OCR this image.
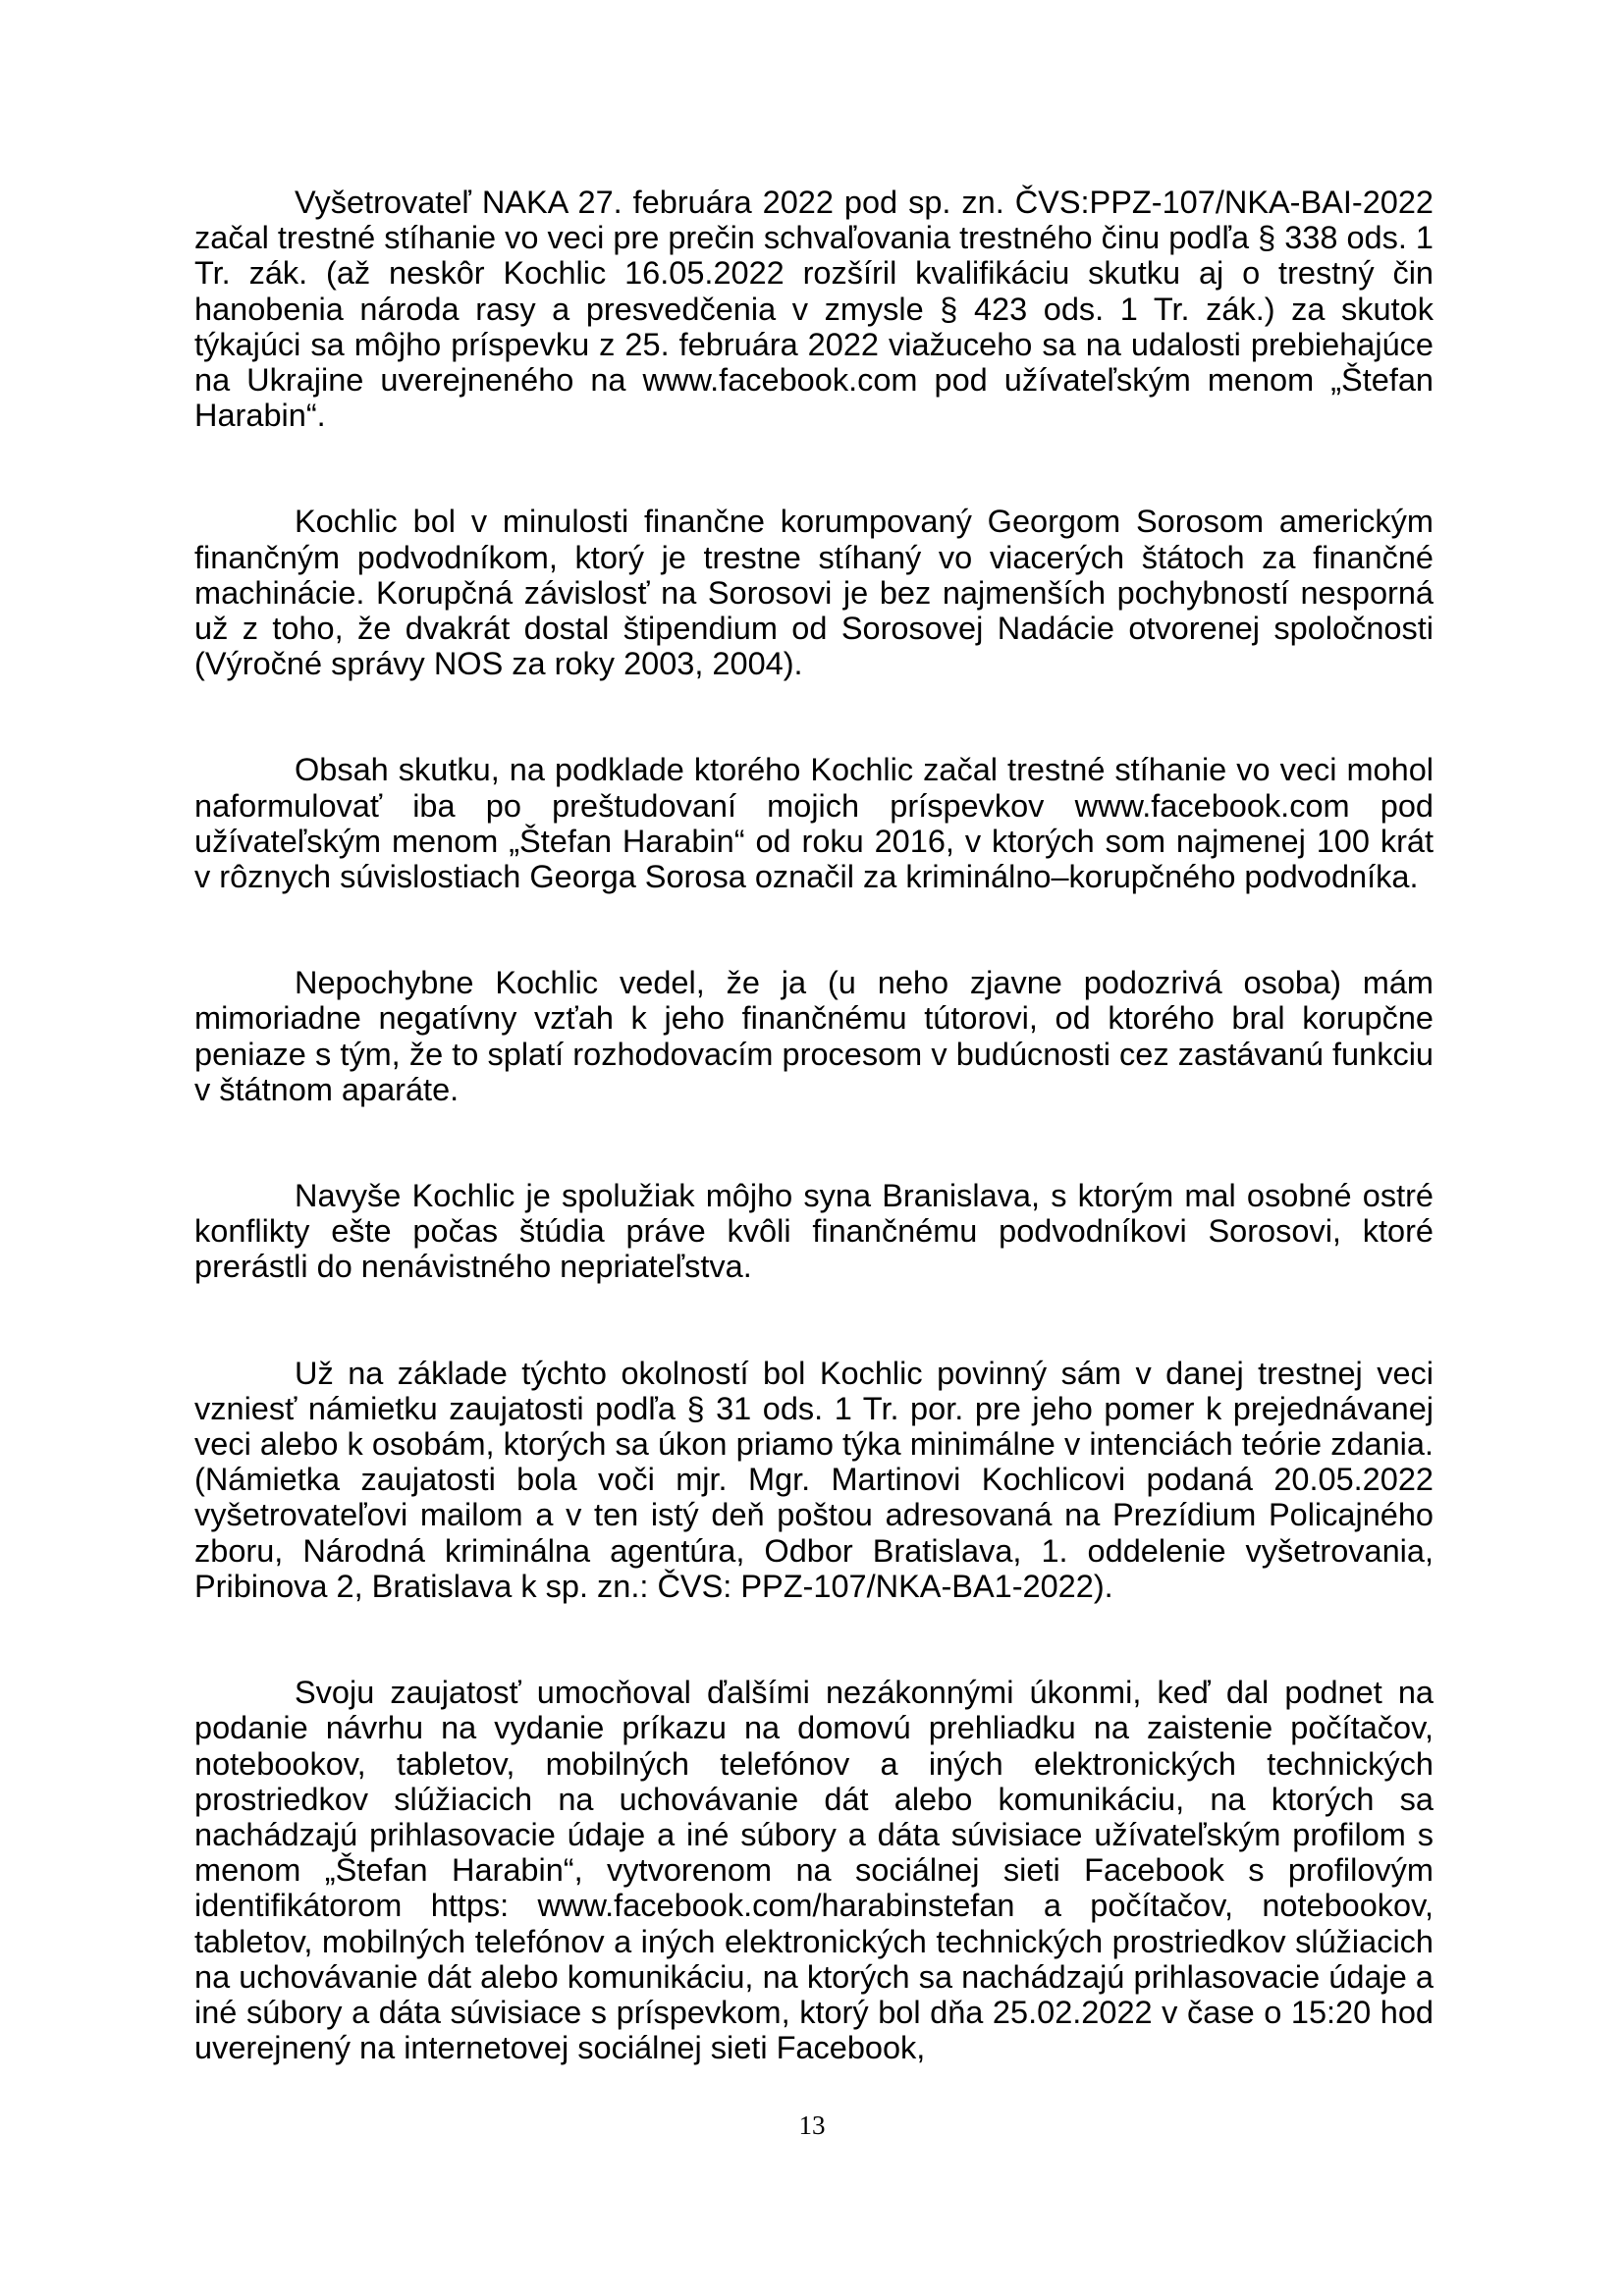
Vyšetrovateľ NAKA 27. februára 2022 pod sp. zn. ČVS:PPZ-107/NKA-BAI-2022 začal trestné stíhanie vo veci pre prečin schvaľovania trestného činu podľa § 338 ods. 1 Tr. zák. (až neskôr Kochlic 16.05.2022 rozšíril kvalifikáciu skutku aj o trestný čin hanobenia národa rasy a presvedčenia v zmysle § 423 ods. 1 Tr. zák.) za skutok týkajúci sa môjho príspevku z 25. februára 2022 viažuceho sa na udalosti prebiehajúce na Ukrajine uverejneného na www.facebook.com pod užívateľským menom „Štefan Harabin“.

Kochlic bol v minulosti finančne korumpovaný Georgom Sorosom americkým finančným podvodníkom, ktorý je trestne stíhaný vo viacerých štátoch za finančné machinácie. Korupčná závislosť na Sorosovi je bez najmenších pochybností nesporná už z toho, že dvakrát dostal štipendium od Sorosovej Nadácie otvorenej spoločnosti (Výročné správy NOS za roky 2003, 2004).

Obsah skutku, na podklade ktorého Kochlic začal trestné stíhanie vo veci mohol naformulovať iba po preštudovaní mojich príspevkov www.facebook.com pod užívateľským menom „Štefan Harabin“ od roku 2016, v ktorých som najmenej 100 krát v rôznych súvislostiach Georga Sorosa označil za kriminálno–korupčného podvodníka.

Nepochybne Kochlic vedel, že ja (u neho zjavne podozrivá osoba) mám mimoriadne negatívny vzťah k jeho finančnému tútorovi, od ktorého bral korupčne peniaze s tým, že to splatí rozhodovacím procesom v budúcnosti cez zastávanú funkciu v štátnom aparáte.

Navyše Kochlic je spolužiak môjho syna Branislava, s ktorým mal osobné ostré konflikty ešte počas štúdia práve kvôli finančnému podvodníkovi Sorosovi, ktoré prerástli do nenávistného nepriateľstva.

Už na základe týchto okolností bol Kochlic povinný sám v danej trestnej veci vzniesť námietku zaujatosti podľa § 31 ods. 1 Tr. por. pre jeho pomer k prejednávanej veci alebo k osobám, ktorých sa úkon priamo týka minimálne v intenciách teórie zdania. (Námietka zaujatosti bola voči mjr. Mgr. Martinovi Kochlicovi podaná 20.05.2022 vyšetrovateľovi mailom a v ten istý deň poštou adresovaná na Prezídium Policajného zboru, Národná kriminálna agentúra, Odbor Bratislava, 1. oddelenie vyšetrovania, Pribinova 2, Bratislava k sp. zn.: ČVS: PPZ-107/NKA-BA1-2022).

Svoju zaujatosť umocňoval ďalšími nezákonnými úkonmi, keď dal podnet na podanie návrhu na vydanie príkazu na domovú prehliadku na zaistenie počítačov, notebookov, tabletov, mobilných telefónov a iných elektronických technických prostriedkov slúžiacich na uchovávanie dát alebo komunikáciu, na ktorých sa nachádzajú prihlasovacie údaje a iné súbory a dáta súvisiace užívateľským profilom s menom „Štefan Harabin“, vytvorenom na sociálnej sieti Facebook s profilovým identifikátorom https: www.facebook.com/harabinstefan a počítačov, notebookov, tabletov, mobilných telefónov a iných elektronických technických prostriedkov slúžiacich na uchovávanie dát alebo komunikáciu, na ktorých sa nachádzajú prihlasovacie údaje a iné súbory a dáta súvisiace s príspevkom, ktorý bol dňa 25.02.2022 v čase o 15:20 hod uverejnený na internetovej sociálnej sieti Facebook,

13
